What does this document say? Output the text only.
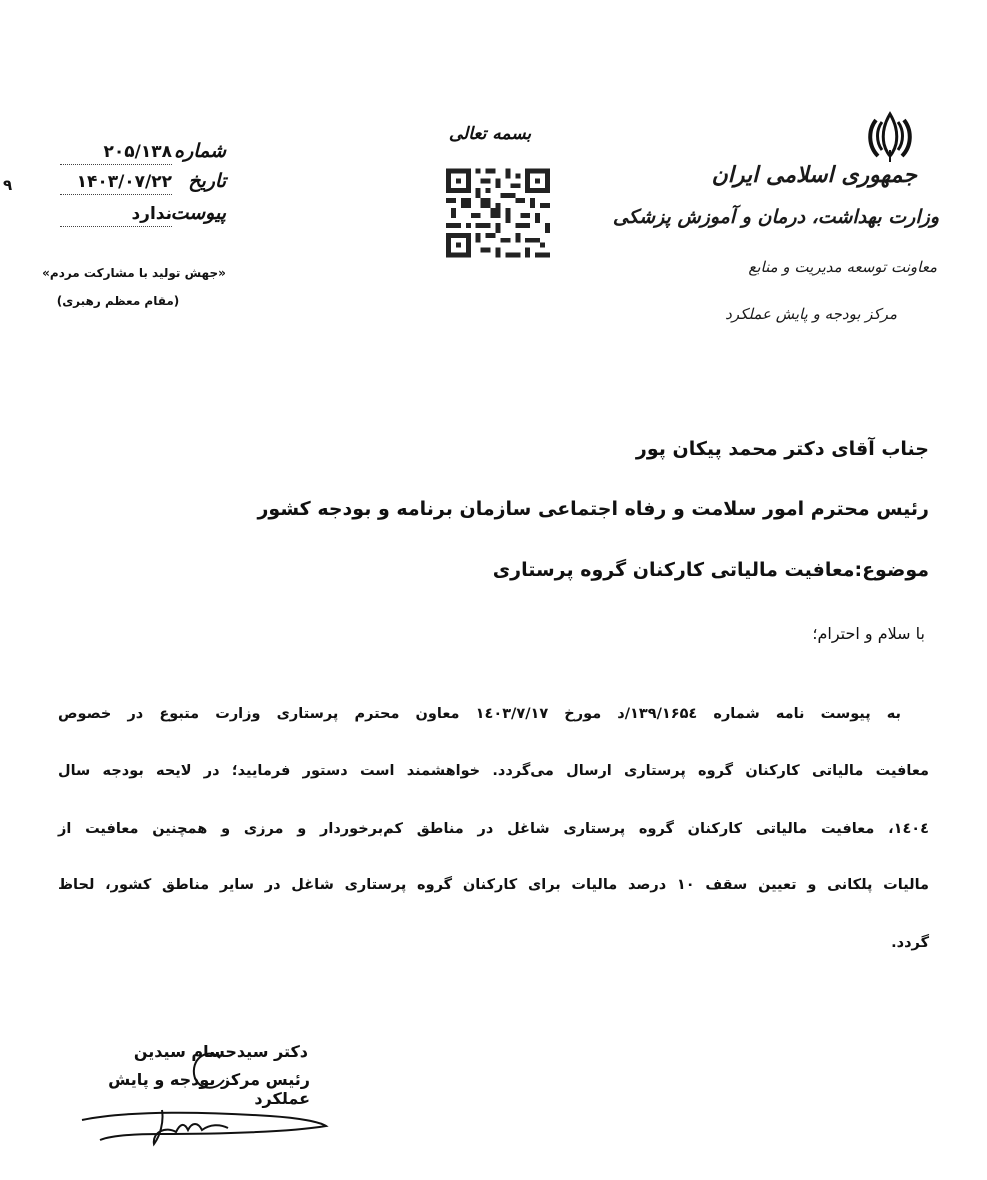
جمهوری اسلامی ایران
وزارت بهداشت، درمان و آموزش پزشکی
معاونت توسعه مدیریت و منابع
مرکز بودجه و پایش عملکرد
بسمه تعالی
شماره
۲۰۵/۱۳۸
تاریخ
۱۴۰۳/۰۷/۲۲
پیوست
ندارد
۹
«جهش تولید با مشارکت مردم»
(مقام معظم رهبری)
جناب آقای دکتر محمد پیکان پور
رئیس محترم امور سلامت و رفاه اجتماعی سازمان برنامه و بودجه کشور
موضوع:معافیت مالیاتی کارکنان گروه پرستاری
با سلام و احترام؛
به پیوست نامه شماره ۱۳۹/۱۶۵٤/د مورخ ۱٤۰۳/۷/۱۷ معاون محترم پرستاری وزارت متبوع در خصوص
معافیت مالیاتی کارکنان گروه پرستاری ارسال می‌گردد. خواهشمند است دستور فرمایید؛ در لایحه بودجه سال
۱٤۰٤، معافیت مالیاتی کارکنان گروه پرستاری شاغل در مناطق کم‌برخوردار و مرزی و همچنین معافیت از
مالیات پلکانی و تعیین سقف ۱۰ درصد مالیات برای کارکنان گروه پرستاری شاغل در سایر مناطق کشور، لحاظ
گردد.
دکتر سیدحسام سیدین
رئیس مرکز بودجه و پایش عملکرد
